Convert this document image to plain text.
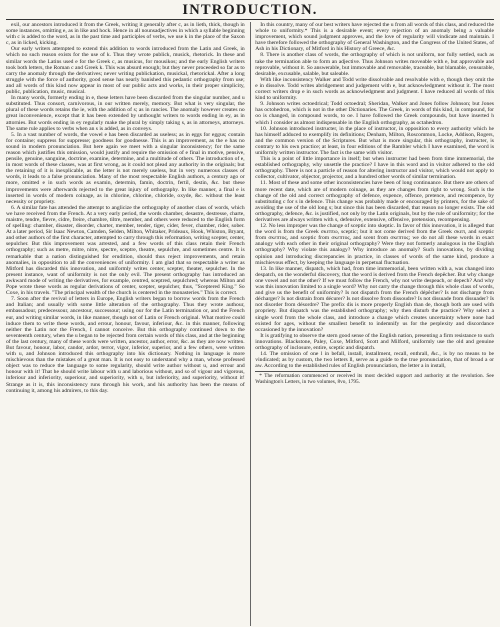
INTRODUCTION.

exil, our ancestors introduced it from the Greek, writing it generally after c, as in lieth, thick, though in some instances, omitting e, as in like and hock. Hence in all nounsadjectives in which a syllable beginning with c is added to the word, as in the past time and participles of verbs, we use k in the place of the Saxon c, as in licked, kicking.

Our early writers attempted to extend this addition to words introduced from the Latin and Greek, in which no such reason exists for the use of k. Thus they wrote publick, musick, rhetorick. In these and similar words the Latins used e for the Greek c, as musicus, for mousikos; and the early English writers took both letters, the Roman c and Greek k. This was absurd enough; but they never proceeded so far as to carry the anomaly through the derivatives; never writing publickation, musickal, rhetorickal. After a long struggle with the force of authority, good sense has nearly banished this pedantic orthography from use; and all words of this kind now appear in most of our public acts and works, in their proper simplicity, public, publication, music, musical.

In many words, formerly ending in e, these letters have been discarded from the singular number, and u substituted. Thus consort, carnivorous, in our written merely, memory. But what is very singular, the plural of these words retains the ie, with the addition of s; as in rancies. The anomaly however creates no great inconvenience, except that it has been extended by unthought writers to words ending in ey, as in attornies. But words ending in ey regularly make the plural by simply taking s, as in attorneys, attorneys. The same rule applies to verbs when an s is added, as in conveys.

5. In a vast number of words, the vowel e has been discarded as useless; as in eggs for eggus; contain for containe; suppress for suppresse; goodness for goodnesse. This is an improvement, as the e has no sound in modern pronunciation. But here again we meet with a singular inconsistency; for the same reason which justifies this omission, would justify and require the omission of e final in motive, pensive, pensile, genuine, sanguine, doctrine, examine, determine, and a multitude of others. The introduction of e, in most words of these classes, was at first wrong, as it could not plead any authority in the originals; but the retaining of it is inexplicable, as the letter is not merely useless, but in very numerous classes of words, it leads to a false pronunciation. Many of the most respectable English authors, a century ago or more, omitted e in such words as examin, determin, famin, doctrin, fertil, destin, &c. but these improvements were afterwards rejected to the great injury of orthography. In like manner, a final e is inserted in words of modern coinage, as in chlorine, chlorine, chloride, oxyde, &c. without the least necessity or propriety.

6. A similar fate has attended the attempt to anglicize the orthography of another class of words, which we have received from the French. At a very early period, the words chamber, desastre, destresse, charte, maistre, tendre, fievre, cidre, freire, chambre, tiltre, member, and others were reduced to the English form of spelling: chamber, disaster, disorder, charter, member, tender, tiger, cider, fever, chamber, rider, sober. At a later period, Sir Isaac Newton, Camden, Selden, Milton, Whitaker, Prideaux, Hook, Whiston, Bryant, and other authors of the first character, attempted to carry through this reformation, writing scepter, center, sepulcher. But this improvement was arrested, and a few words of this class retain their French orthography; such as metre, mitre, nitre, spectre, sceptre, theatre, sepulchre, and sometimes centre. It is remarkable that a nation distinguished for erudition, should thus reject improvements, and retain anomalies, in opposition to all the conveniences of uniformity. I am glad that so respectable a writer as Mitford has discarded this innovation, and uniformly writes center, scepter, theater, sepulcher. In the present instance, want of uniformity is not the only evil. The present orthography has introduced an awkward mode of writing the derivatives, for example, centred, sceptred, sepulchred; whereas Milton and Pope wrote these words as regular derivations of center, scepter, sepulcher, thus, "Sceptered King." So Coxe, in his travels. "The principal wealth of the church is centered in the monasteries." This is correct.

7. Soon after the revival of letters in Europe, English writers began to borrow words from the French and Italian; and usually with some little alteration of the orthography. Thus they wrote authour, embassadour, predecessour, ancestour, successour; using our for the Latin termination or, and the French eur, and writing similar words, in like manner, though not of Latin or French original. What motive could induce them to write these words, and errour, honour, favour, inferiour, &c. in this manner, following neither the Latin nor the French, I cannot conceive. But this orthography continued down to the seventeenth century, when the u began to be rejected from certain words of this class, and at the beginning of the last century, many of these words were written, ancestor, author, error, &c. as they are now written. But favour, honour, labor, candor, ardor, terror, vigor, inferior, superior, and a few others, were written with u, and Johnson introduced this orthography into his dictionary. Nothing in language is more mischievous than the mistakes of a great man. It is not easy to understand why a man, whose professed object was to reduce the language to some regularity, should write author without u, and errour and honour with it! That he should write labour with u and laborious without, and so of vigour and vigorous, inferiour and inferiority, superiour, and superiority, with u, but inferiority, and superiority, without it! Strange as it is, this inconsistency runs through his work, and his authority has been the means of continuing it, among his admirers, to this day.

In this country, many of our best writers have rejected the u from all words of this class, and reduced the whole to uniformity.* This is a desirable event; every rejection of an anomaly being a valuable improvement, which sound judgment approves, and the love of regularity will vindicate and maintain. I have therefore followed the orthography of General Washington, and the Congress of the United States, of Ash in his Dictionary, of Mitford in his History of Greece, &c.

8. There is another class of words, the orthography of which is not uniform, nor fully settled, such as take the termination able to form an adjective. Thus Johnson writes moveable with e, but approvable and reprovable, without it. So answerable, but immovable and removable, traceable, but blamable, censurable, desirable, excusable, salable, but saleable.

With like inconsistency Walker and Todd write dissolvable and resolvable with e, though they omit the e in dissolve. Todd writes abridgement and judgement with e, but acknowledgment without it. The most correct writers drop e in such words as acknowledgment and judgment. I have reduced all words of this kind to uniformity.

9. Johnson writes octoedrical; Todd octoedral; Sheridan, Walker and Jones follow Johnson; but Jones has octohedron, which is not in the other Dictionaries. The Greek, in words of this kind, in compound, for oo is changed, in compound words, to oe. I have followed the Greek compounds, but have inserted h which I consider as almost indispensable in the English orthography, as octahedron.

10. Johnson introduced instructer, in the place of instructor, in opposition to every authority which he has himself adduced to exemplify its definitions; Denham, Milton, Roscommon, Locke, Addison, Rogers, and the common version of the Scriptures. But what is more singular, this orthography, instructer, is contrary to his own practice; at least, in four editions of the Rambler which I have examined, the word is uniformly written instructor. The fact is the same with visitor.

This is a point of little importance in itself; but when instructer had been from time immemorial, the established orthography, why unsettle the practice? I have in this word and in visitor adhered to the old orthography. There is not a particle of reason for altering instructor and visitor, which would not apply to collector, cultivator, objector, projector, and a hundred other words of similar termination.

11. Most of these and some other inconsistencies have been of long continuance. But there are others of more recent date, which are of modern coinage, as they are changes from right to wrong. Such is the change of the old and correct orthography of defence, expence, offence, pretence, and recompence, by substituting c for s in defence. This change was probably made or encouraged by printers, for the sake of avoiding the use of the old long s; but since this has been discarded, that reason no longer exists. The old orthography, defence, &c. is justified, not only by the Latin originals, but by the rule of uniformity; for the derivatives are always written with s, defensive, extensive, offensive, pretension, recompensing.

12. No less improper was the change of sceptic into skeptic. In favor of this innovation, it is alleged that the word is from the Greek σκεπτω, sceptic; but it not come derived from the Greek σκεπ, and sceptic from σκεπτος, and sceptic from σκεπτος, and scent from σκεπτος; we do not all these words in exact analogy with each other in their original orthography? Were they not formerly analogous in the English orthography? Why violate this analogy? Why introduce an anomaly? Such innovations, by dividing opinion and introducing discrepancies in practice, in classes of words of the same kind, produce a mischievous effect, by keeping the language in perpetual fluctuation.

13. In like manner, dispatch, which had, from time immemorial, been written with a, was changed into despatch, on the wonderful discovery, that the word is derived from the French depêcher. But why change one vowel and not the other? If we must follow the French, why not write despeach, or depech? And why was this innovation limited to a single word? Why not carry the change through this whole class of words, and give us the benefit of uniformity? Is not dispatch from the French dépêcher? Is not discharge from décharger? Is not distrain from décurer? Is not dissolve from dissoudre? Is not dissuade from dissuader? Is not disorder from désordre? The prefix dis is more properly English than de, though both are used with propriety. But dispatch was the established orthography; why then disturb the practice? Why select a single word from the whole class, and introduce a change which creates uncertainty where none had existed for ages, without the smallest benefit to indemnify us for the perplexity and discordance occasioned by the innovation?

It is gratifying to observe the stern good sense of the English nation, presenting a firm resistance to such innovations. Blackstone, Paley, Coxe, Mitford, Scott and Milford, uniformly use the old and genuine orthography of inclosure, entire, sceptic and dispatch.

14. The omission of one l in befall, install, installment, recall, enthrall, &c., is by no means to be vindicated; as by custom, the two letters ll, serve as a guide to the true pronunciation, that of broad a or aw. According to the established rules of English pronunciation, the letter a in install,

* The reformation commenced or received its most decided support and authority at the revolution. See Washington's Letters, in two volumes, 8vo, 1795.
